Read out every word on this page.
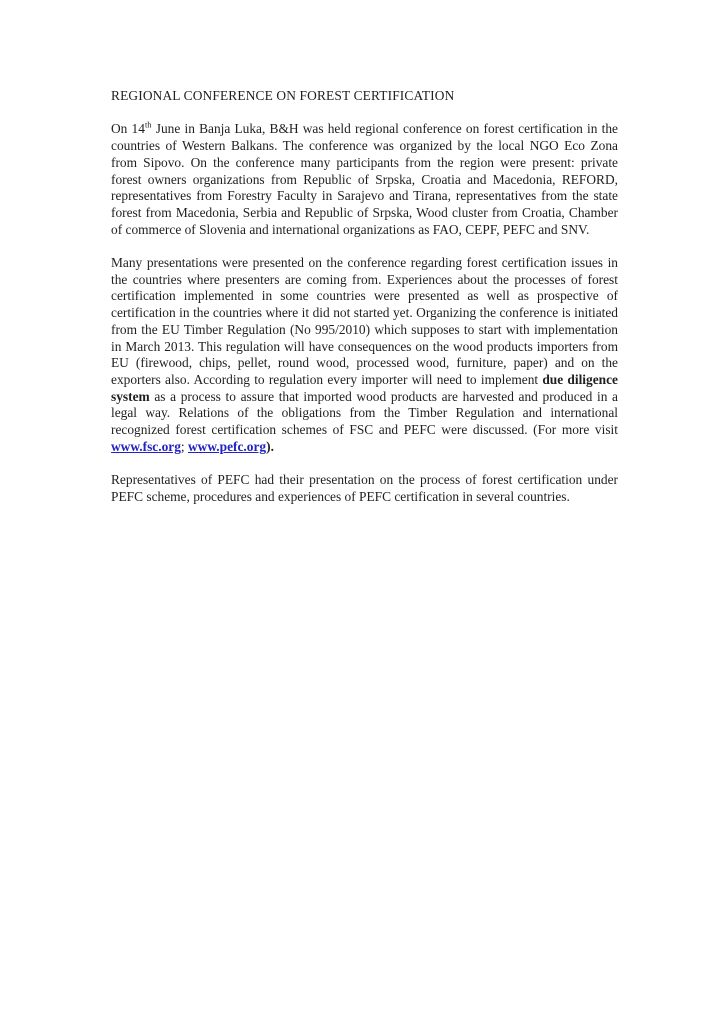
REGIONAL CONFERENCE ON FOREST CERTIFICATION

On 14th June in Banja Luka, B&H was held regional conference on forest certification in the countries of Western Balkans. The conference was organized by the local NGO Eco Zona from Sipovo. On the conference many participants from the region were present: private forest owners organizations from Republic of Srpska, Croatia and Macedonia, REFORD, representatives from Forestry Faculty in Sarajevo and Tirana, representatives from the state forest from Macedonia, Serbia and Republic of Srpska, Wood cluster from Croatia, Chamber of commerce of Slovenia and international organizations as FAO, CEPF, PEFC and SNV.

Many presentations were presented on the conference regarding forest certification issues in the countries where presenters are coming from. Experiences about the processes of forest certification implemented in some countries were presented as well as prospective of certification in the countries where it did not started yet. Organizing the conference is initiated from the EU Timber Regulation (No 995/2010) which supposes to start with implementation in March 2013. This regulation will have consequences on the wood products importers from EU (firewood, chips, pellet, round wood, processed wood, furniture, paper) and on the exporters also. According to regulation every importer will need to implement due diligence system as a process to assure that imported wood products are harvested and produced in a legal way. Relations of the obligations from the Timber Regulation and international recognized forest certification schemes of FSC and PEFC were discussed. (For more visit www.fsc.org; www.pefc.org).

Representatives of PEFC had their presentation on the process of forest certification under PEFC scheme, procedures and experiences of PEFC certification in several countries.
